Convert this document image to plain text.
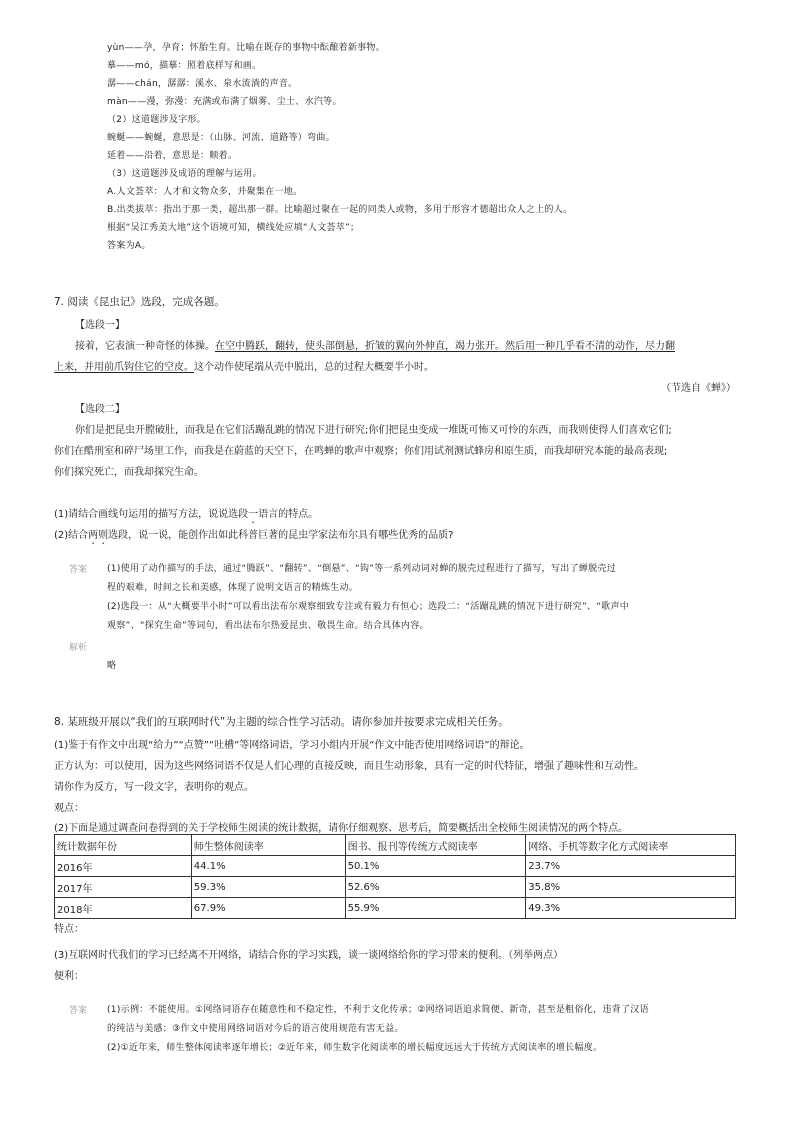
yùn——孕，孕育；怀胎生育。比喻在既存的事物中酝酿着新事物。
摹——mó，描摹：照着底样写和画。
潺——chán，潺潺：溪水、泉水流淌的声音。
màn——漫，弥漫：充满或布满了烟雾、尘土、水汽等。
（2）这道题涉及字形。
蜿蜒——蜿蜒，意思是：（山脉、河流、道路等）弯曲。
延着——沿着，意思是：顺着。
（3）这道题涉及成语的理解与运用。
A.人文荟萃：人才和文物众多，并聚集在一地。
B.出类拔萃：指出于那一类，超出那一群。比喻超过聚在一起的同类人或物，多用于形容才德超出众人之上的人。
根据“吴江秀美大地”这个语境可知，横线处应填“人文荟萃”；
答案为A。
7. 阅读《昆虫记》选段，完成各题。
【选段一】
接着，它表演一种奇怪的体操。在空中腾跃，翻转，使头部倒悬，折皱的翼向外伸直，竭力张开。然后用一种几乎看不清的动作，尽力翻
上来，并用前爪钩住它的空皮。这个动作使尾端从壳中脱出，总的过程大概要半小时。
（节选自《蝉》）
【选段二】
你们是把昆虫开膛破肚，而我是在它们活蹦乱跳的情况下进行研究;你们把昆虫变成一堆既可怖又可怜的东西，而我则使得人们喜欢它们;
你们在酷刑室和碎尸场里工作，而我是在蔚蓝的天空下，在鸣蝉的歌声中观察；你们用试剂测试蜂房和原生质，而我却研究本能的最高表现;
你们探究死亡，而我却探究生命。
(1)请结合画线句运用的描写方法，说说选段一语言的特点。
(2)结合两则选段，说一说，能创作出如此科普巨著的昆虫学家法布尔具有哪些优秀的品质?
答案 (1)使用了动作描写的手法，通过“腾跃”、“翻转”、“倒悬”、“钩”等一系列动词对蝉的脱壳过程进行了描写，写出了蝉脱壳过
程的艰难，时间之长和美感，体现了说明文语言的精炼生动。
(2)选段一：从“大概要半小时”可以看出法布尔观察细致专注或有毅力有恒心；选段二：“活蹦乱跳的情况下进行研究”、“歌声中
观察”、“探究生命”等词句，看出法布尔热爱昆虫、敬畏生命。结合具体内容。
解析
略
8. 某班级开展以“我们的互联网时代”为主题的综合性学习活动。请你参加并按要求完成相关任务。
(1)鉴于有作文中出现“给力”“点赞”“吐槽”等网络词语，学习小组内开展“作文中能否使用网络词语”的辩论。
正方认为：可以使用，因为这些网络词语不仅是人们心理的直接反映，而且生动形象，具有一定的时代特征，增强了趣味性和互动性。
请你作为反方，写一段文字，表明你的观点。
观点：
(2)下面是通过调查问卷得到的关于学校师生阅读的统计数据，请你仔细观察、思考后，简要概括出全校师生阅读情况的两个特点。
统计数据年份	师生整体阅读率	图书、报刊等传统方式阅读率	网络、手机等数字化方式阅读率
2016年	44.1%	50.1%	23.7%
2017年	59.3%	52.6%	35.8%
2018年	67.9%	55.9%	49.3%
特点：
(3)互联网时代我们的学习已经离不开网络，请结合你的学习实践，谈一谈网络给你的学习带来的便利。（列举两点）
便利：
答案 (1)示例：不能使用。①网络词语存在随意性和不稳定性，不利于文化传承；②网络词语追求简便、新奇，甚至是粗俗化，违背了汉语
的纯洁与美感；③作文中使用网络词语对今后的语言使用规范有害无益。
(2)①近年来，师生整体阅读率逐年增长；②近年来，师生数字化阅读率的增长幅度远远大于传统方式阅读率的增长幅度。
